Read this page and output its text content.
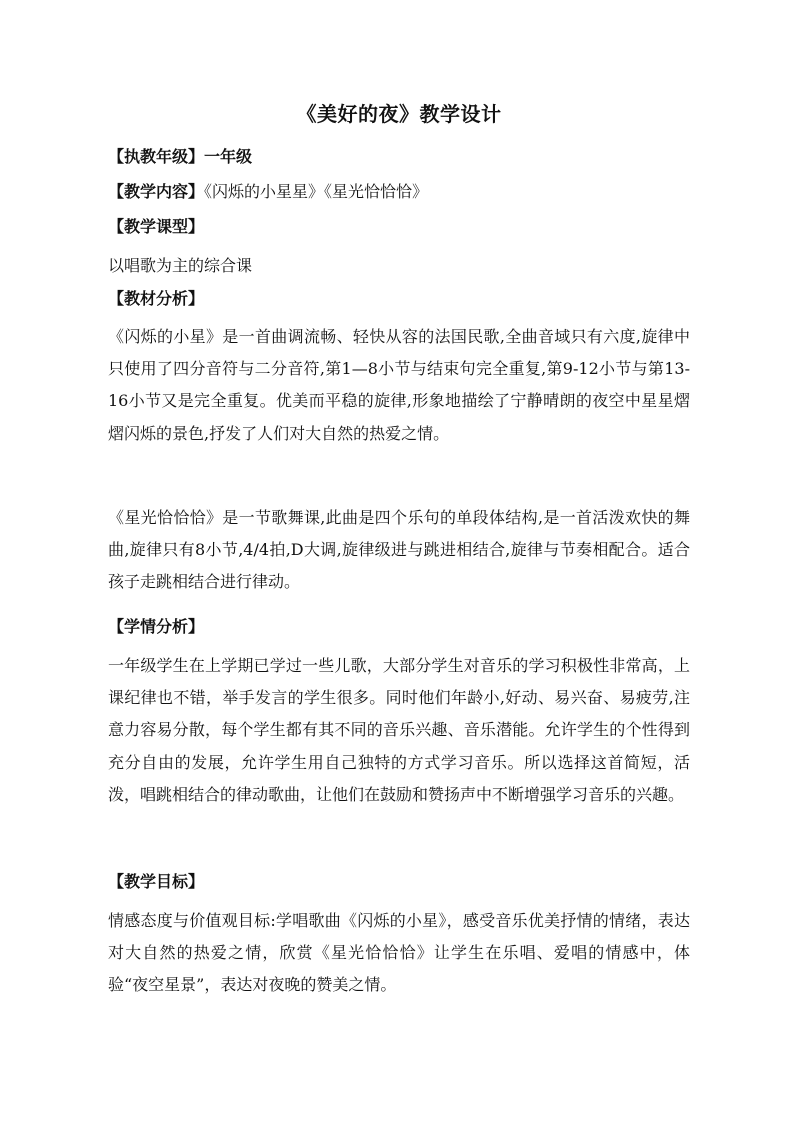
《美好的夜》教学设计
【执教年级】一年级
【教学内容】《闪烁的小星星》《星光恰恰恰》
【教学课型】
以唱歌为主的综合课
【教材分析】
《闪烁的小星》是一首曲调流畅、轻快从容的法国民歌,全曲音域只有六度,旋律中只使用了四分音符与二分音符,第1—8小节与结束句完全重复,第9-12小节与第13-16小节又是完全重复。优美而平稳的旋律,形象地描绘了宁静晴朗的夜空中星星熠熠闪烁的景色,抒发了人们对大自然的热爱之情。
《星光恰恰恰》是一节歌舞课,此曲是四个乐句的单段体结构,是一首活泼欢快的舞曲,旋律只有8小节,4/4拍,D大调,旋律级进与跳进相结合,旋律与节奏相配合。适合孩子走跳相结合进行律动。
【学情分析】
一年级学生在上学期已学过一些儿歌，大部分学生对音乐的学习积极性非常高，上课纪律也不错，举手发言的学生很多。同时他们年龄小,好动、易兴奋、易疲劳,注意力容易分散，每个学生都有其不同的音乐兴趣、音乐潜能。允许学生的个性得到充分自由的发展，允许学生用自己独特的方式学习音乐。所以选择这首简短，活泼，唱跳相结合的律动歌曲，让他们在鼓励和赞扬声中不断增强学习音乐的兴趣。
【教学目标】
情感态度与价值观目标:学唱歌曲《闪烁的小星》，感受音乐优美抒情的情绪，表达对大自然的热爱之情，欣赏《星光恰恰恰》让学生在乐唱、爱唱的情感中，体验“夜空星景”，表达对夜晚的赞美之情。
